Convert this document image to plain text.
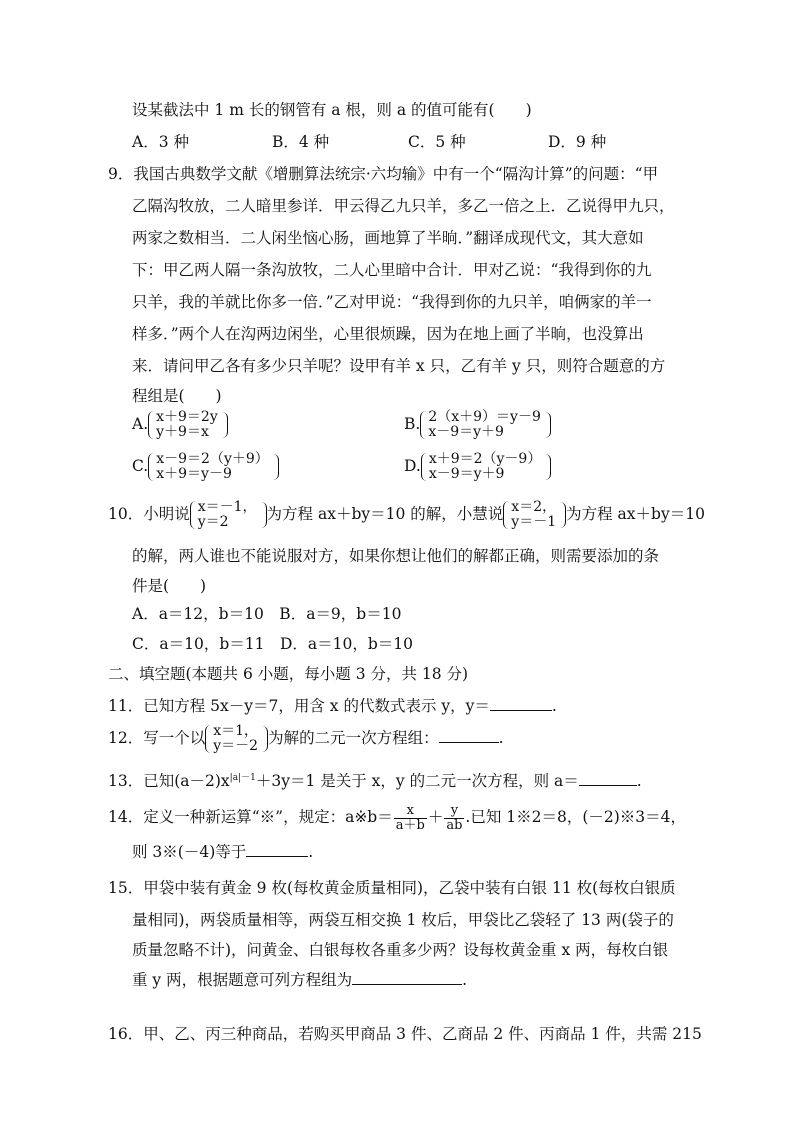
设某截法中 1 m 长的钢管有 a 根，则 a 的值可能有(　　)
A．3 种	B．4 种	C．5 种	D．9 种
9．我国古典数学文献《增删算法统宗·六均输》中有一个“隔沟计算”的问题：“甲
乙隔沟牧放，二人暗里参详．甲云得乙九只羊，多乙一倍之上．乙说得甲九只，
两家之数相当．二人闲坐恼心肠，画地算了半晌．”翻译成现代文，其大意如
下：甲乙两人隔一条沟放牧，二人心里暗中合计．甲对乙说：“我得到你的九
只羊，我的羊就比你多一倍．”乙对甲说：“我得到你的九只羊，咱俩家的羊一
样多．”两个人在沟两边闲坐，心里很烦躁，因为在地上画了半晌，也没算出
来．请问甲乙各有多少只羊呢？设甲有羊 x 只，乙有羊 y 只，则符合题意的方
程组是(　　)
A. x＋9＝2y
y＋9＝x	B. 2（x＋9）＝y－9
x－9＝y＋9
C. x－9＝2（y＋9）
x＋9＝y－9	D. x＋9＝2（y－9）
x－9＝y＋9
10．小明说 x＝－1，
y＝2	为方程 ax＋by＝10 的解，小慧说 x＝2，
y＝－1 为方程 ax＋by＝10
的解，两人谁也不能说服对方，如果你想让他们的解都正确，则需要添加的条
件是(　　)
A．a＝12，b＝10　B．a＝9，b＝10
C．a＝10，b＝11　D．a＝10，b＝10
二、填空题(本题共 6 小题，每小题 3 分，共 18 分)
11．已知方程 5x－y＝7，用含 x 的代数式表示 y，y＝	.
12．写一个以 x＝1，
y＝－2 为解的二元一次方程组：	.
13．已知$(a-2)x^{|a|-1}+3y=1$ 是关于 x，y 的二元一次方程，则 a＝	.
14．定义一种新运算“※”，规定：a※b＝ $\frac{x}{a+b} + \frac{y}{ab}$ .已知 1※2＝8，(－2)※3＝4，
则 3※(－4)等于	.
15．甲袋中装有黄金 9 枚(每枚黄金质量相同)，乙袋中装有白银 11 枚(每枚白银质
量相同)，两袋质量相等，两袋互相交换 1 枚后，甲袋比乙袋轻了 13 两(袋子的
质量忽略不计)，问黄金、白银每枚各重多少两？设每枚黄金重 x 两，每枚白银
重 y 两，根据题意可列方程组为	.
16．甲、乙、丙三种商品，若购买甲商品 3 件、乙商品 2 件、丙商品 1 件，共需 215
